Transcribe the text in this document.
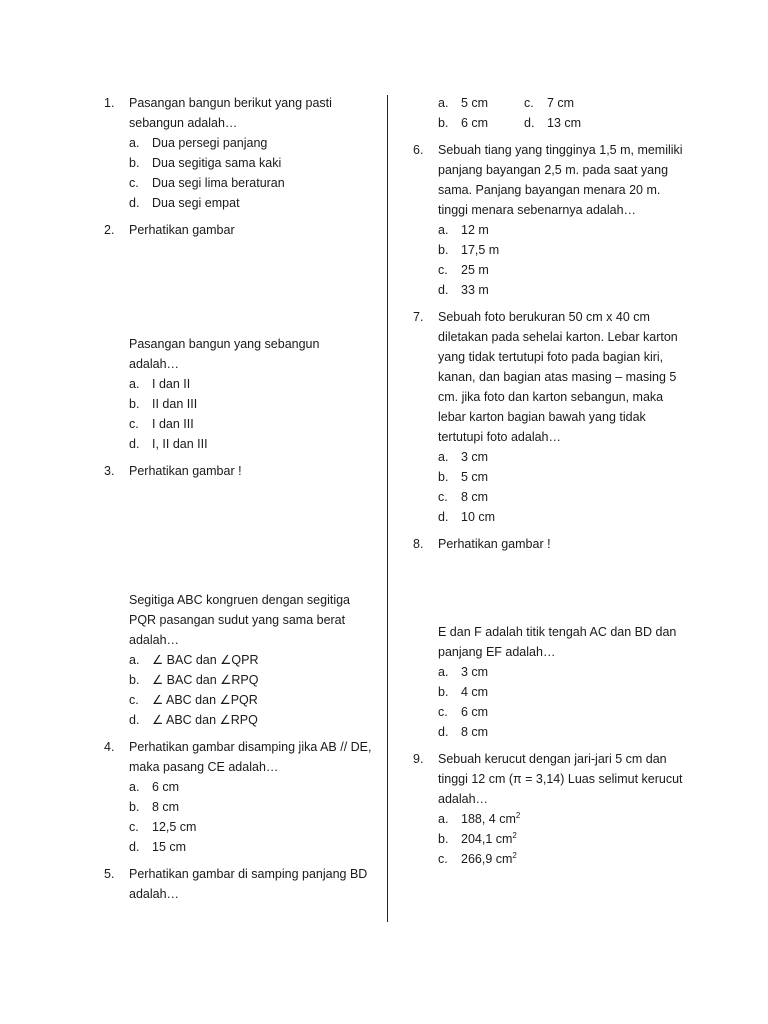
1. Pasangan bangun berikut yang pasti sebangun adalah…
a. Dua persegi panjang
b. Dua segitiga sama kaki
c. Dua segi lima beraturan
d. Dua segi empat
2. Perhatikan gambar
Pasangan bangun yang sebangun adalah…
a. I dan II
b. II dan III
c. I dan III
d. I, II dan III
3. Perhatikan gambar !
Segitiga ABC kongruen dengan segitiga PQR pasangan sudut yang sama berat adalah…
a. ∠ BAC dan ∠QPR
b. ∠ BAC dan ∠RPQ
c. ∠ ABC dan ∠PQR
d. ∠ ABC dan ∠RPQ
4. Perhatikan gambar disamping jika AB // DE, maka pasang CE adalah…
a. 6 cm
b. 8 cm
c. 12,5 cm
d. 15 cm
5. Perhatikan gambar di samping panjang BD adalah…
a. 5 cm	c. 7 cm
b. 6 cm	d. 13 cm
6. Sebuah tiang yang tingginya 1,5 m, memiliki panjang bayangan 2,5 m. pada saat yang sama. Panjang bayangan menara 20 m. tinggi menara sebenarnya adalah…
a. 12 m
b. 17,5 m
c. 25 m
d. 33 m
7. Sebuah foto berukuran 50 cm x 40 cm diletakan pada sehelai karton. Lebar karton yang tidak tertutupi foto pada bagian kiri, kanan, dan bagian atas masing – masing 5 cm. jika foto dan karton sebangun, maka lebar karton bagian bawah yang tidak tertutupi foto adalah…
a. 3 cm
b. 5 cm
c. 8 cm
d. 10 cm
8. Perhatikan gambar !
E dan F adalah titik tengah AC dan BD dan panjang EF adalah…
a. 3 cm
b. 4 cm
c. 6 cm
d. 8 cm
9. Sebuah kerucut dengan jari-jari 5 cm dan tinggi 12 cm (π = 3,14) Luas selimut kerucut adalah…
a. 188, 4 $cm^2$
b. 204,1 $cm^2$
c. 266,9 $cm^2$
